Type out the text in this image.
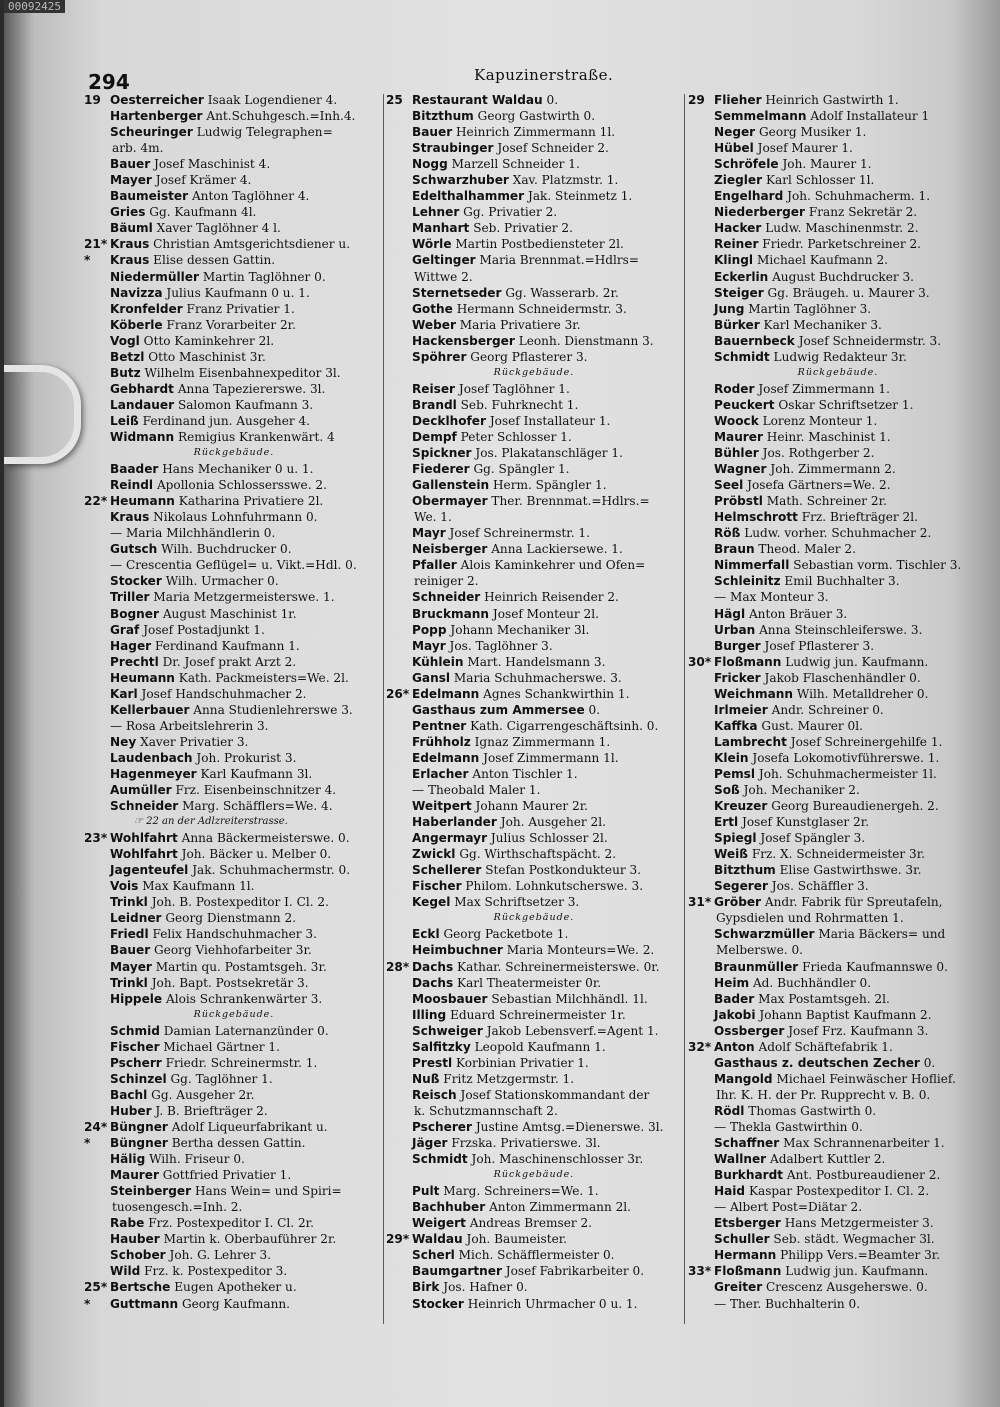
294	Kapuzinerstraße.
19 Oesterreicher Isaak Logendiener 4.
Hartenberger Ant.Schuhgesch.=Inh.4.
Scheuringer Ludwig Telegraphen=
arb. 4m.
Bauer Josef Maschinist 4.
Mayer Josef Krämer 4.
Baumeister Anton Taglöhner 4.
Gries Gg. Kaufmann 4l.
Bäuml Xaver Taglöhner 4 l.
21* Kraus Christian Amtsgerichtsdiener u.
* Kraus Elise dessen Gattin.
Niedermüller Martin Taglöhner 0.
Navizza Julius Kaufmann 0 u. 1.
Kronfelder Franz Privatier 1.
Köberle Franz Vorarbeiter 2r.
Vogl Otto Kaminkehrer 2l.
Betzl Otto Maschinist 3r.
Butz Wilhelm Eisenbahnexpeditor 3l.
Gebhardt Anna Tapeziererswe. 3l.
Landauer Salomon Kaufmann 3.
Leiß Ferdinand jun. Ausgeher 4.
Widmann Remigius Krankenwärt. 4
Rückgebäude.
Baader Hans Mechaniker 0 u. 1.
Reindl Apollonia Schlossersswe. 2.
22* Heumann Katharina Privatiere 2l.
Kraus Nikolaus Lohnfuhrmann 0.
— Maria Milchhändlerin 0.
Gutsch Wilh. Buchdrucker 0.
— Crescentia Geflügel= u. Vikt.=Hdl. 0.
Stocker Wilh. Urmacher 0.
Triller Maria Metzgermeisterswe. 1.
Bogner August Maschinist 1r.
Graf Josef Postadjunkt 1.
Hager Ferdinand Kaufmann 1.
Prechtl Dr. Josef prakt Arzt 2.
Heumann Kath. Packmeisters=We. 2l.
Karl Josef Handschuhmacher 2.
Kellerbauer Anna Studienlehrerswe 3.
— Rosa Arbeitslehrerin 3.
Ney Xaver Privatier 3.
Laudenbach Joh. Prokurist 3.
Hagenmeyer Karl Kaufmann 3l.
Aumüller Frz. Eisenbeinschnitzer 4.
Schneider Marg. Schäfflers=We. 4.
☞ 22 an der Adlzreiterstrasse.
23* Wohlfahrt Anna Bäckermeisterswe. 0.
Wohlfahrt Joh. Bäcker u. Melber 0.
Jagenteufel Jak. Schuhmachermstr. 0.
Vois Max Kaufmann 1l.
Trinkl Joh. B. Postexpeditor I. Cl. 2.
Leidner Georg Dienstmann 2.
Friedl Felix Handschuhmacher 3.
Bauer Georg Viehhofarbeiter 3r.
Mayer Martin qu. Postamtsgeh. 3r.
Trinkl Joh. Bapt. Postsekretär 3.
Hippele Alois Schrankenwärter 3.
Rückgebäude.
Schmid Damian Laternanzünder 0.
Fischer Michael Gärtner 1.
Pscherr Friedr. Schreinermstr. 1.
Schinzel Gg. Taglöhner 1.
Bachl Gg. Ausgeher 2r.
Huber J. B. Briefträger 2.
24* Büngner Adolf Liqueurfabrikant u.
* Büngner Bertha dessen Gattin.
Hälig Wilh. Friseur 0.
Maurer Gottfried Privatier 1.
Steinberger Hans Wein= und Spiri=
tuosengesch.=Inh. 2.
Rabe Frz. Postexpeditor I. Cl. 2r.
Hauber Martin k. Oberbauführer 2r.
Schober Joh. G. Lehrer 3.
Wild Frz. k. Postexpeditor 3.
25* Bertsche Eugen Apotheker u.
* Guttmann Georg Kaufmann.
25 Restaurant Waldau 0.
Bitzthum Georg Gastwirth 0.
Bauer Heinrich Zimmermann 1l.
Straubinger Josef Schneider 2.
Nogg Marzell Schneider 1.
Schwarzhuber Xav. Platzmstr. 1.
Edelthalhammer Jak. Steinmetz 1.
Lehner Gg. Privatier 2.
Manhart Seb. Privatier 2.
Wörle Martin Postbediensteter 2l.
Geltinger Maria Brennmat.=Hdlrs=
Wittwe 2.
Sternetseder Gg. Wasserarb. 2r.
Gothe Hermann Schneidermstr. 3.
Weber Maria Privatiere 3r.
Hackensberger Leonh. Dienstmann 3.
Spöhrer Georg Pflasterer 3.
Rückgebäude.
Reiser Josef Taglöhner 1.
Brandl Seb. Fuhrknecht 1.
Decklhofer Josef Installateur 1.
Dempf Peter Schlosser 1.
Spickner Jos. Plakatanschläger 1.
Fiederer Gg. Spängler 1.
Gallenstein Herm. Spängler 1.
Obermayer Ther. Brennmat.=Hdlrs.=
We. 1.
Mayr Josef Schreinermstr. 1.
Neisberger Anna Lackiersewe. 1.
Pfaller Alois Kaminkehrer und Ofen=
reiniger 2.
Schneider Heinrich Reisender 2.
Bruckmann Josef Monteur 2l.
Popp Johann Mechaniker 3l.
Mayr Jos. Taglöhner 3.
Kühlein Mart. Handelsmann 3.
Gansl Maria Schuhmacherswe. 3.
26* Edelmann Agnes Schankwirthin 1.
Gasthaus zum Ammersee 0.
Pentner Kath. Cigarrengeschäftsinh. 0.
Frühholz Ignaz Zimmermann 1.
Edelmann Josef Zimmermann 1l.
Erlacher Anton Tischler 1.
— Theobald Maler 1.
Weitpert Johann Maurer 2r.
Haberlander Joh. Ausgeher 2l.
Angermayr Julius Schlosser 2l.
Zwickl Gg. Wirthschaftspächt. 2.
Schellerer Stefan Postkondukteur 3.
Fischer Philom. Lohnkutscherswe. 3.
Kegel Max Schriftsetzer 3.
Rückgebäude.
Eckl Georg Packetbote 1.
Heimbuchner Maria Monteurs=We. 2.
28* Dachs Kathar. Schreinermeisterswe. 0r.
Dachs Karl Theatermeister 0r.
Moosbauer Sebastian Milchhändl. 1l.
Illing Eduard Schreinermeister 1r.
Schweiger Jakob Lebensverf.=Agent 1.
Salfitzky Leopold Kaufmann 1.
Prestl Korbinian Privatier 1.
Nuß Fritz Metzgermstr. 1.
Reisch Josef Stationskommandant der
k. Schutzmannschaft 2.
Pscherer Justine Amtsg.=Dienerswe. 3l.
Jäger Frzska. Privatierswe. 3l.
Schmidt Joh. Maschinenschlosser 3r.
Rückgebäude.
Pult Marg. Schreiners=We. 1.
Bachhuber Anton Zimmermann 2l.
Weigert Andreas Bremser 2.
29* Waldau Joh. Baumeister.
Scherl Mich. Schäfflermeister 0.
Baumgartner Josef Fabrikarbeiter 0.
Birk Jos. Hafner 0.
Stocker Heinrich Uhrmacher 0 u. 1.
29 Flieher Heinrich Gastwirth 1.
Semmelmann Adolf Installateur 1
Neger Georg Musiker 1.
Hübel Josef Maurer 1.
Schröfele Joh. Maurer 1.
Ziegler Karl Schlosser 1l.
Engelhard Joh. Schuhmacherm. 1.
Niederberger Franz Sekretär 2.
Hacker Ludw. Maschinenmstr. 2.
Reiner Friedr. Parketschreiner 2.
Klingl Michael Kaufmann 2.
Eckerlin August Buchdrucker 3.
Steiger Gg. Bräugeh. u. Maurer 3.
Jung Martin Taglöhner 3.
Bürker Karl Mechaniker 3.
Bauernbeck Josef Schneidermstr. 3.
Schmidt Ludwig Redakteur 3r.
Rückgebäude.
Roder Josef Zimmermann 1.
Peuckert Oskar Schriftsetzer 1.
Woock Lorenz Monteur 1.
Maurer Heinr. Maschinist 1.
Bühler Jos. Rothgerber 2.
Wagner Joh. Zimmermann 2.
Seel Josefa Gärtners=We. 2.
Pröbstl Math. Schreiner 2r.
Helmschrott Frz. Briefträger 2l.
Röß Ludw. vorher. Schuhmacher 2.
Braun Theod. Maler 2.
Nimmerfall Sebastian vorm. Tischler 3.
Schleinitz Emil Buchhalter 3.
— Max Monteur 3.
Hägl Anton Bräuer 3.
Urban Anna Steinschleiferswe. 3.
Burger Josef Pflasterer 3.
30* Floßmann Ludwig jun. Kaufmann.
Fricker Jakob Flaschenhändler 0.
Weichmann Wilh. Metalldreher 0.
Irlmeier Andr. Schreiner 0.
Kaffka Gust. Maurer 0l.
Lambrecht Josef Schreinergehilfe 1.
Klein Josefa Lokomotivführerswe. 1.
Pemsl Joh. Schuhmachermeister 1l.
Soß Joh. Mechaniker 2.
Kreuzer Georg Bureaudienergeh. 2.
Ertl Josef Kunstglaser 2r.
Spiegl Josef Spängler 3.
Weiß Frz. X. Schneidermeister 3r.
Bitzthum Elise Gastwirthswe. 3r.
Segerer Jos. Schäffler 3.
31* Gröber Andr. Fabrik für Spreutafeln,
Gypsdielen und Rohrmatten 1.
Schwarzmüller Maria Bäckers= und
Melberswe. 0.
Braunmüller Frieda Kaufmannswe 0.
Heim Ad. Buchhändler 0.
Bader Max Postamtsgeh. 2l.
Jakobi Johann Baptist Kaufmann 2.
Ossberger Josef Frz. Kaufmann 3.
32* Anton Adolf Schäftefabrik 1.
Gasthaus z. deutschen Zecher 0.
Mangold Michael Feinwäscher Hoflief.
Ihr. K. H. der Pr. Rupprecht v. B. 0.
Rödl Thomas Gastwirth 0.
— Thekla Gastwirthin 0.
Schaffner Max Schrannenarbeiter 1.
Wallner Adalbert Kuttler 2.
Burkhardt Ant. Postbureaudiener 2.
Haid Kaspar Postexpeditor I. Cl. 2.
— Albert Post=Diätar 2.
Etsberger Hans Metzgermeister 3.
Schuller Seb. städt. Wegmacher 3l.
Hermann Philipp Vers.=Beamter 3r.
33* Floßmann Ludwig jun. Kaufmann.
Greiter Crescenz Ausgeherswe. 0.
— Ther. Buchhalterin 0.
00092425
